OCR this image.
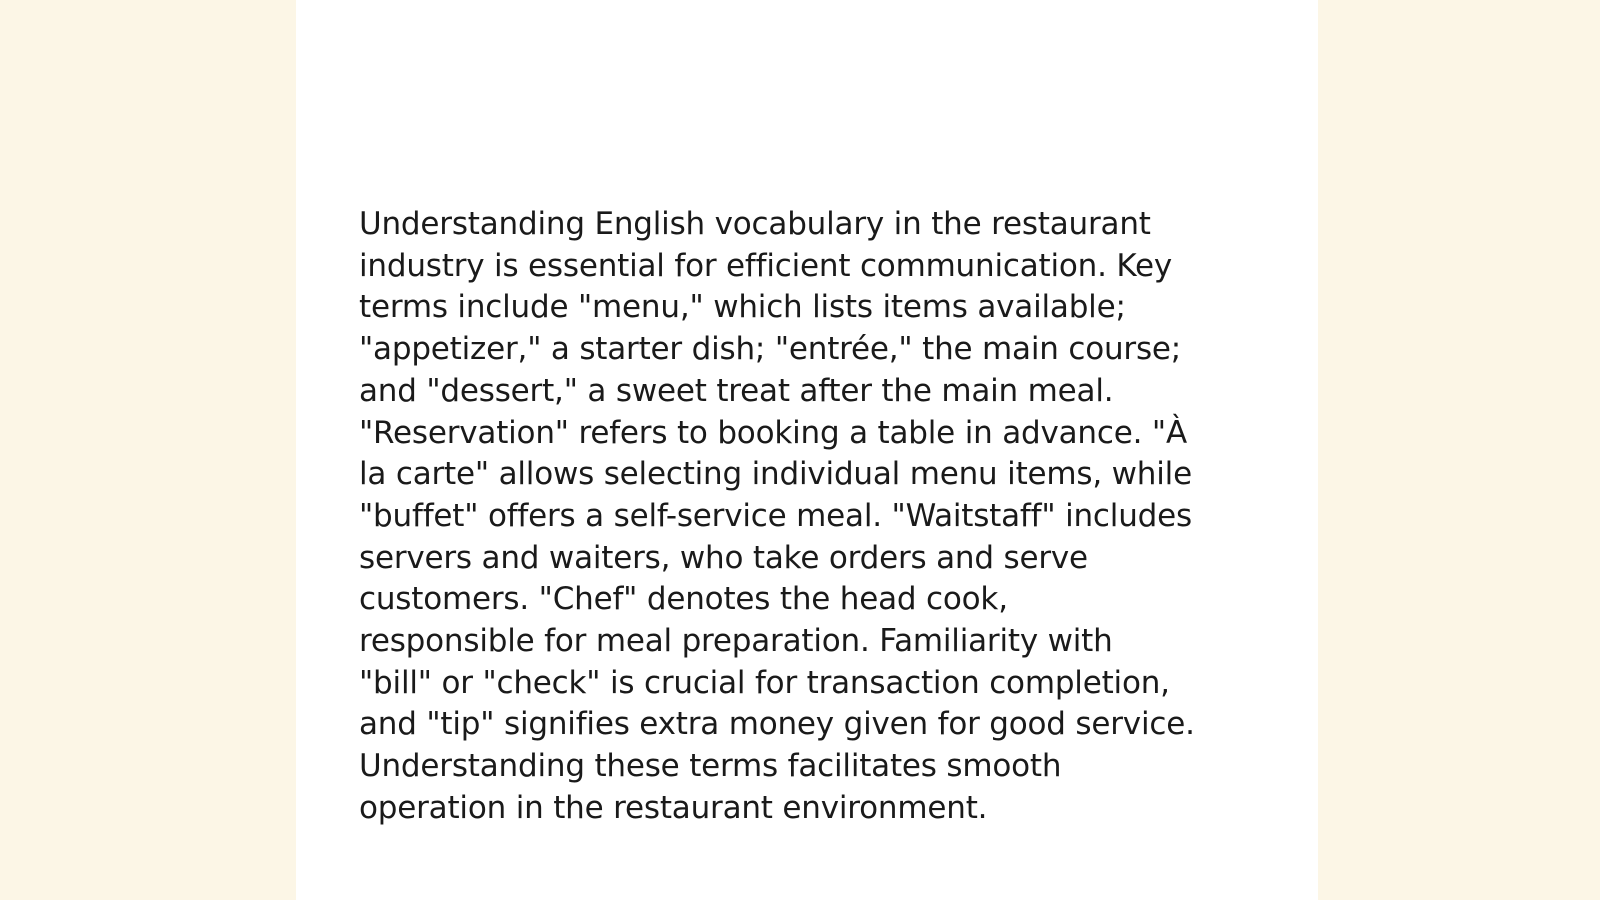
Understanding English vocabulary in the restaurant
industry is essential for efficient communication. Key
terms include "menu," which lists items available;
"appetizer," a starter dish; "entrée," the main course;
and "dessert," a sweet treat after the main meal.
"Reservation" refers to booking a table in advance. "À
la carte" allows selecting individual menu items, while
"buffet" offers a self-service meal. "Waitstaff" includes
servers and waiters, who take orders and serve
customers. "Chef" denotes the head cook,
responsible for meal preparation. Familiarity with
"bill" or "check" is crucial for transaction completion,
and "tip" signifies extra money given for good service.
Understanding these terms facilitates smooth
operation in the restaurant environment.
